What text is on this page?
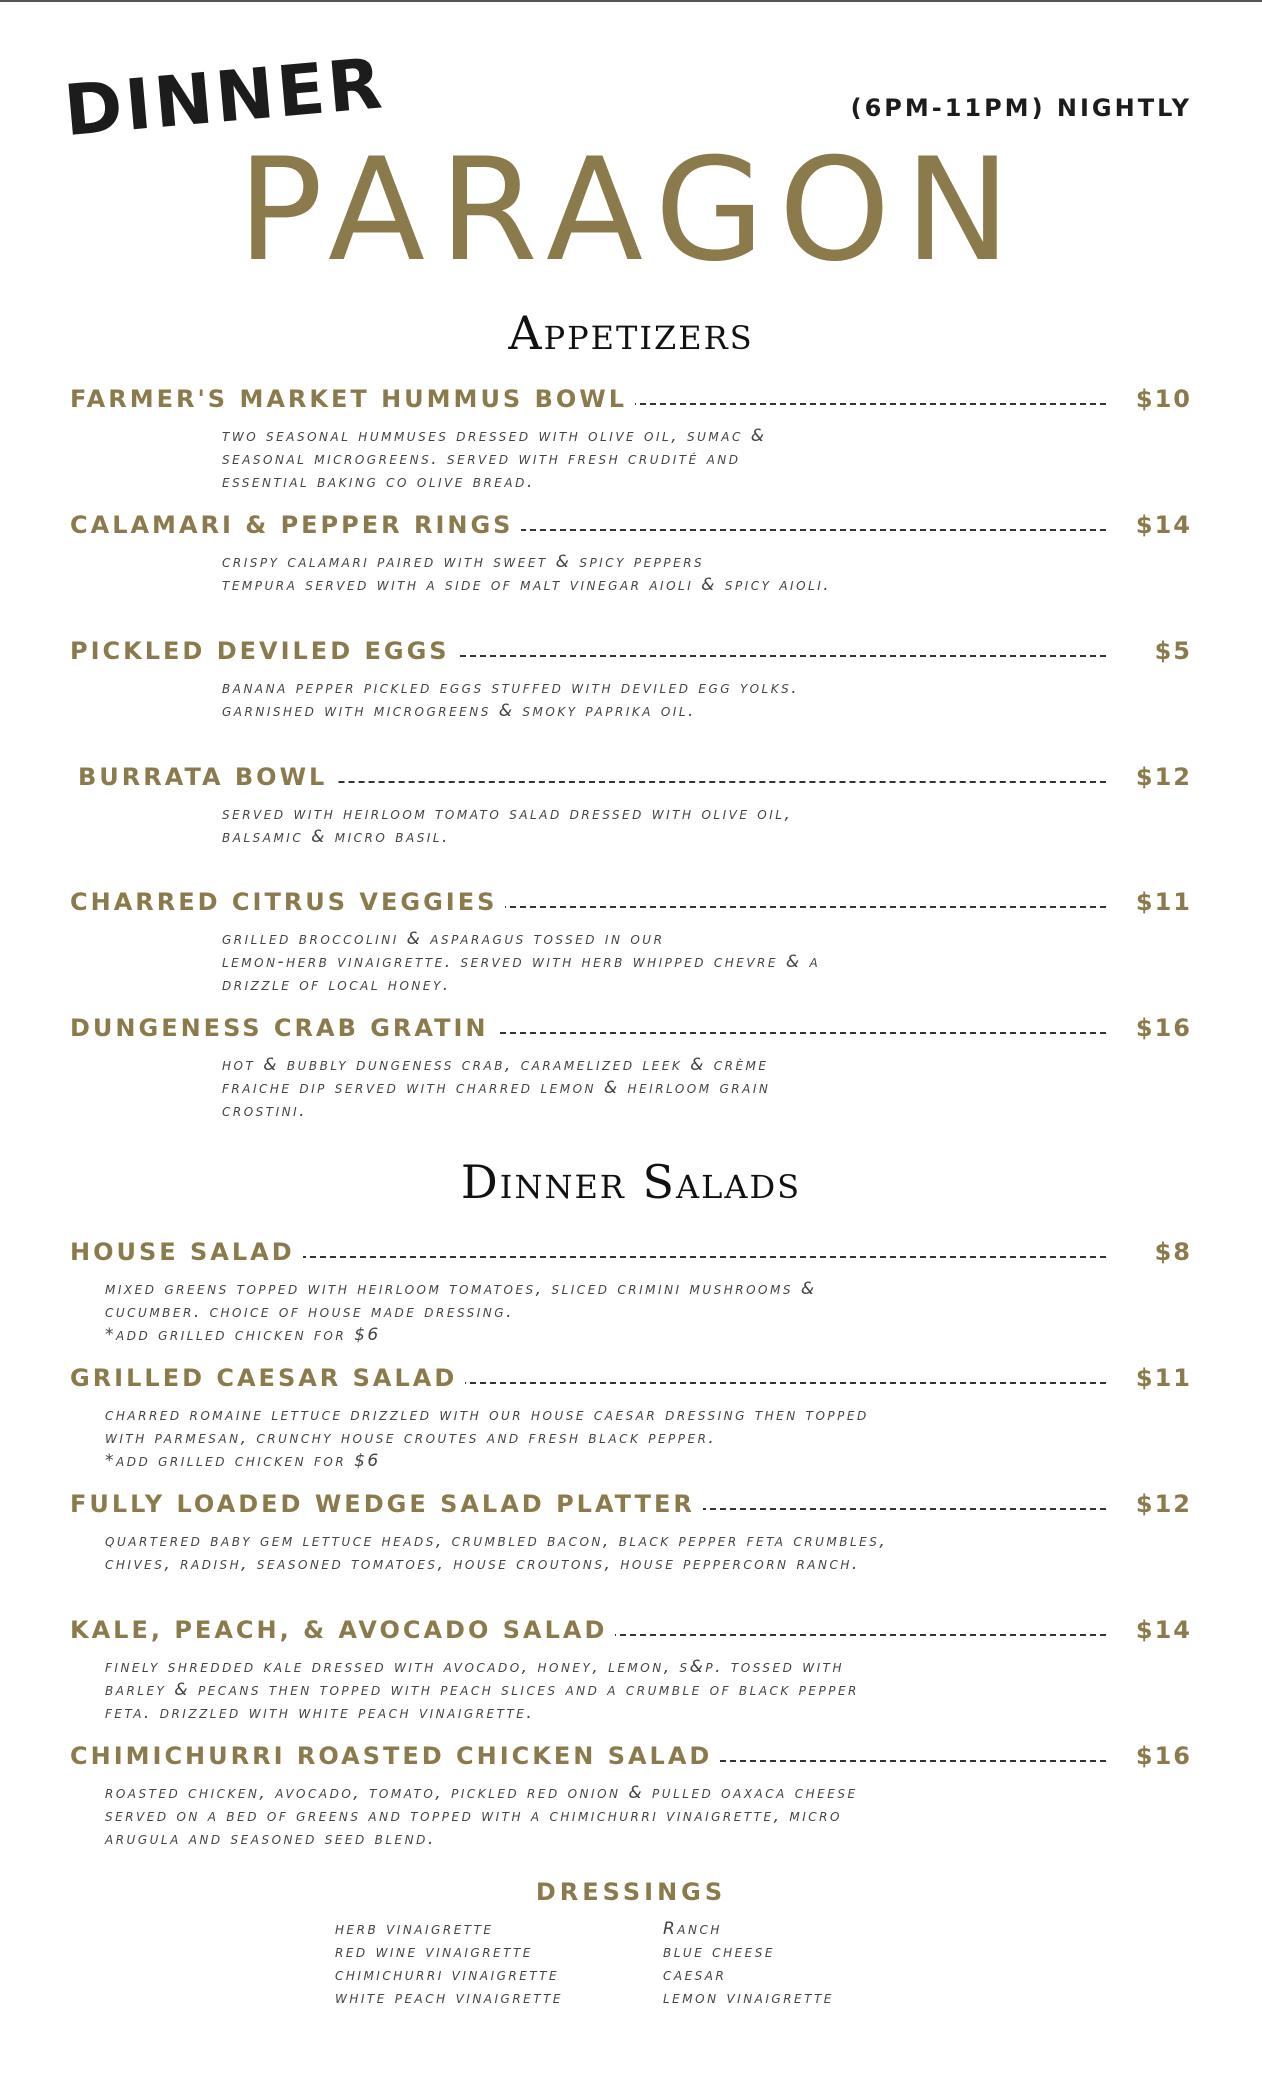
DINNER	(6PM-11PM) NIGHTLY
PARAGON
Appetizers
FARMER'S MARKET HUMMUS BOWL	$10
two seasonal hummuses dressed with olive oil, sumac &
seasonal microgreens. served with fresh crudité and
essential baking co olive bread.
CALAMARI & PEPPER RINGS	$14
crispy calamari paired with sweet & spicy peppers
tempura served with a side of malt vinegar aioli & spicy aioli.
PICKLED DEVILED EGGS	$5
banana pepper pickled eggs stuffed with deviled egg yolks.
garnished with microgreens & smoky paprika oil.
BURRATA BOWL	$12
served with heirloom tomato salad dressed with olive oil,
balsamic & micro basil.
CHARRED CITRUS VEGGIES	$11
grilled broccolini & asparagus tossed in our
lemon-herb vinaigrette. served with herb whipped chevre & a
drizzle of local honey.
DUNGENESS CRAB GRATIN	$16
hot & bubbly dungeness crab, caramelized leek & crème
fraiche dip served with charred lemon & heirloom grain
crostini.
Dinner Salads
HOUSE SALAD	$8
mixed greens topped with heirloom tomatoes, sliced crimini mushrooms &
cucumber. choice of house made dressing.
*add grilled chicken for $6
GRILLED CAESAR SALAD	$11
charred romaine lettuce drizzled with our house caesar dressing then topped
with parmesan, crunchy house croutes and fresh black pepper.
*add grilled chicken for $6
FULLY LOADED WEDGE SALAD PLATTER	$12
quartered baby gem lettuce heads, crumbled bacon, black pepper feta crumbles,
chives, radish, seasoned tomatoes, house croutons, house peppercorn ranch.
KALE, PEACH, & AVOCADO SALAD	$14
finely shredded kale dressed with avocado, honey, lemon, s&p. tossed with
barley & pecans then topped with peach slices and a crumble of black pepper
feta. drizzled with white peach vinaigrette.
CHIMICHURRI ROASTED CHICKEN SALAD	$16
roasted chicken, avocado, tomato, pickled red onion & pulled oaxaca cheese
served on a bed of greens and topped with a chimichurri vinaigrette, micro
arugula and seasoned seed blend.
DRESSINGS
herb vinaigrette
red wine vinaigrette
chimichurri vinaigrette
white peach vinaigrette
Ranch
blue cheese
caesar
lemon vinaigrette
